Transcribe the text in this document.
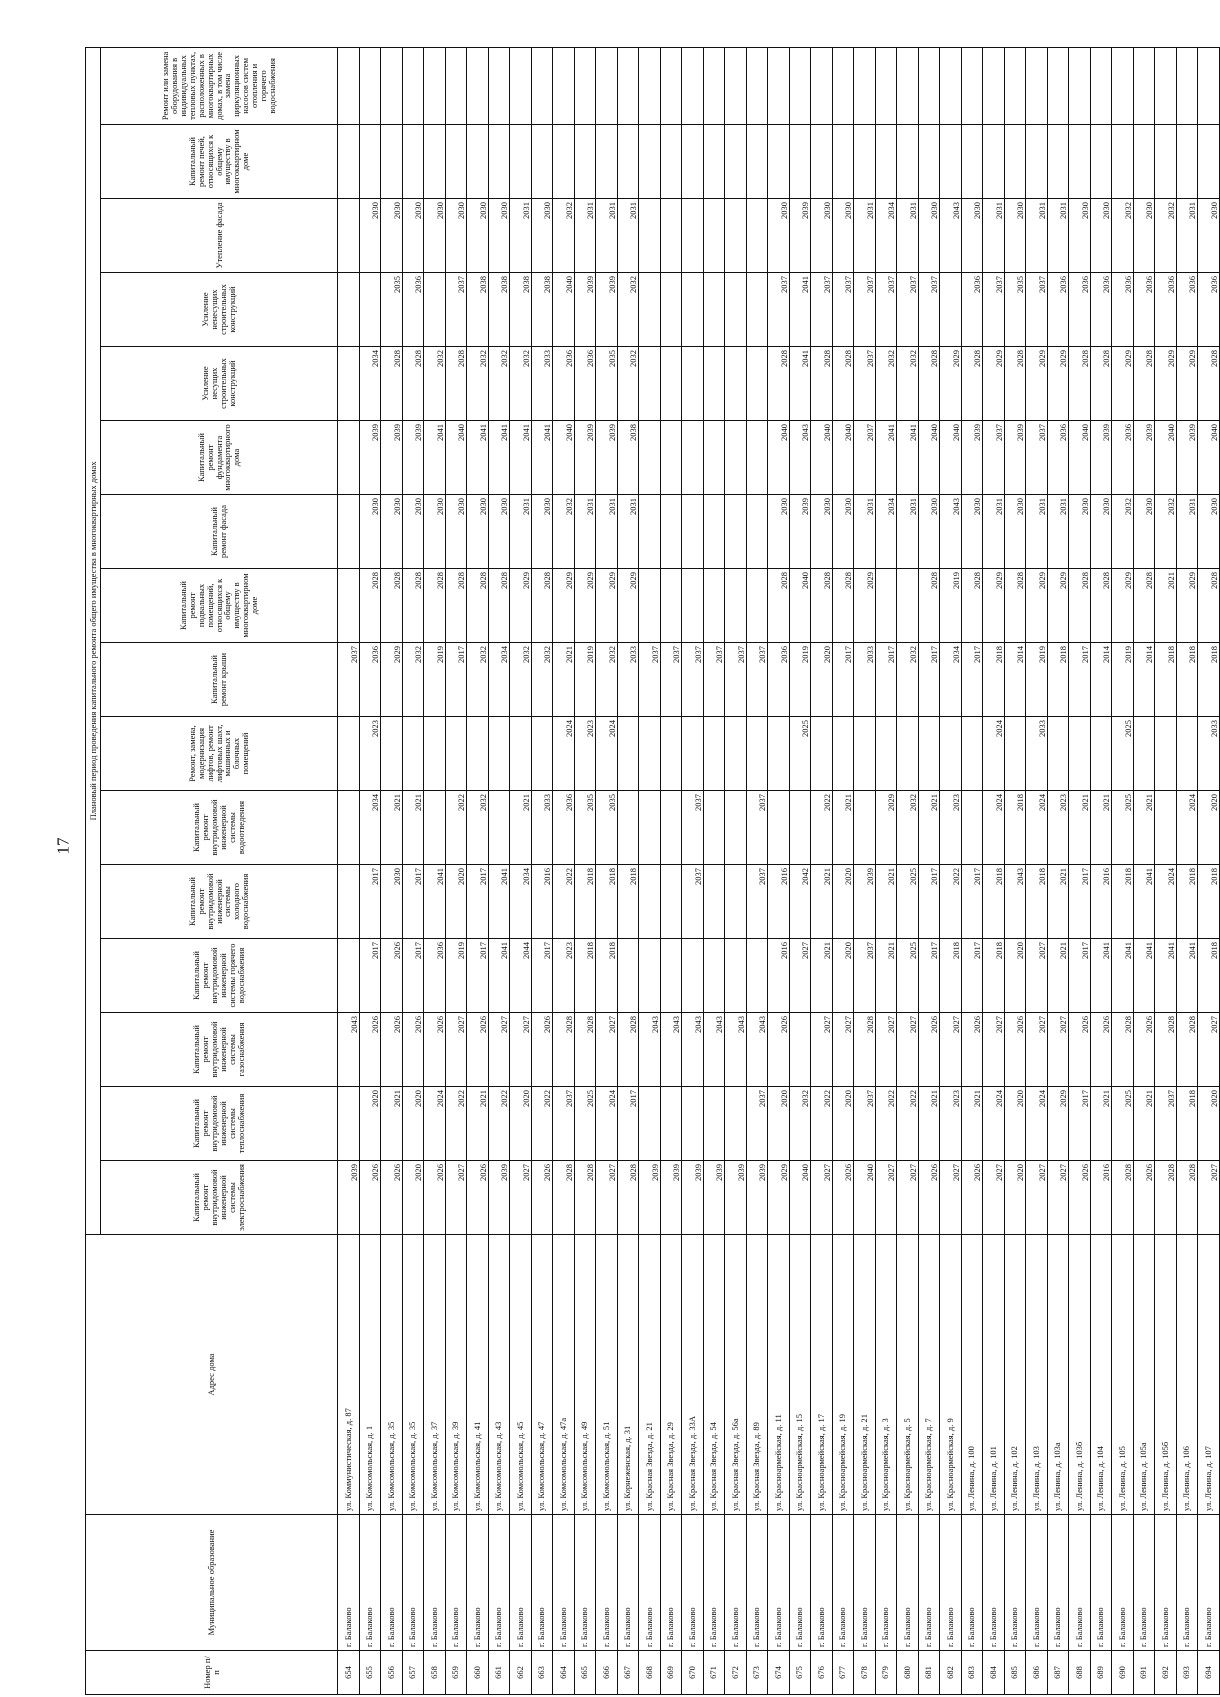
17
Номер п/п	Муниципальное образование	Адрес дома	Плановый период проведения капитального ремонта общего имущества в многоквартирных домах															
			Капитальный ремонт внутридомовой инженерной системы электроснабжения	Капитальный ремонт внутридомовой инженерной системы теплоснабжения	Капитальный ремонт внутридомовой инженерной системы газоснабжения	Капитальный ремонт внутридомовой инженерной системы горячего водоснабжения	Капитальный ремонт внутридомовой инженерной системы холодного водоснабжения	Капитальный ремонт внутридомовой инженерной системы водоотведения	Ремонт, замена, модернизация лифтов, ремонт лифтовых шахт, машинных и блочных помещений	Капитальный ремонт крыши	Капитальный ремонт подвальных помещений, относящихся к общему имуществу в многоквартирном доме	Капитальный ремонт фасада	Капитальный ремонт фундамента многоквартирного дома	Усиление несущих строительных конструкций	Усиление ненесущих строительных конструкций	Утепление фасада	Капитальный ремонт печей, относящихся к общему имуществу в многоквартирном доме	Ремонт или замена оборудования в индивидуальных тепловых пунктах, расположенных в многоквартирных домах, в том числе замена циркуляционных насосов систем отопления и горячего водоснабжения
654	г. Балаково	ул. Коммунистическая, д. 87	2039		2043					2037								
655	г. Балаково	ул. Комсомольская, д. 1	2026	2020	2026	2017	2017	2034	2023	2036	2028	2030	2039	2034		2030		
656	г. Балаково	ул. Комсомольская, д. 35	2026	2021	2026	2026	2030	2021		2029	2028	2030	2039	2028	2035	2030		
657	г. Балаково	ул. Комсомольская, д. 35	2020	2020	2026	2017	2017	2021		2032	2028	2030	2039	2028	2036	2030		
658	г. Балаково	ул. Комсомольская, д. 37	2026	2024	2026	2036	2041			2019	2028	2030	2041	2032		2030		
659	г. Балаково	ул. Комсомольская, д. 39	2027	2022	2027	2019	2020	2022		2017	2028	2030	2040	2028	2037	2030		
660	г. Балаково	ул. Комсомольская, д. 41	2026	2021	2026	2017	2017	2032		2032	2028	2030	2041	2032	2038	2030		
661	г. Балаково	ул. Комсомольская, д. 43	2039	2022	2027	2041	2041			2034	2028	2030	2041	2032	2038	2030		
662	г. Балаково	ул. Комсомольская, д. 45	2027	2020	2027	2044	2034	2021		2032	2029	2031	2041	2032	2038	2031		
663	г. Балаково	ул. Комсомольская, д. 47	2026	2022	2026	2017	2016	2033		2032	2028	2030	2041	2033	2038	2030		
664	г. Балаково	ул. Комсомольская, д. 47а	2028	2037	2028	2023	2022	2036	2024	2021	2029	2032	2040	2036	2040	2032		
665	г. Балаково	ул. Комсомольская, д. 49	2028	2025	2028	2018	2018	2035	2023	2019	2029	2031	2039	2036	2039	2031		
666	г. Балаково	ул. Комсомольская, д. 51	2027	2024	2027	2018	2018	2035	2024	2032	2029	2031	2039	2035	2039	2031		
667	г. Балаково	ул. Корнеженская, д. 31	2028	2017	2028		2018			2033	2029	2031	2038	2032	2032	2031		
668	г. Балаково	ул. Красная Звезда, д. 21	2039		2043					2037								
669	г. Балаково	ул. Красная Звезда, д. 29	2039		2043					2037								
670	г. Балаково	ул. Красная Звезда, д. 33А	2039		2043		2037	2037		2037								
671	г. Балаково	ул. Красная Звезда, д. 54	2039		2043					2037								
672	г. Балаково	ул. Красная Звезда, д. 56а	2039		2043					2037								
673	г. Балаково	ул. Красная Звезда, д. 89	2039	2037	2043		2037	2037		2037								
674	г. Балаково	ул. Красноармейская, д. 11	2029	2020	2026	2016	2016			2036	2028	2030	2040	2028	2037	2030		
675	г. Балаково	ул. Красноармейская, д. 15	2040	2032		2027	2042		2025	2019	2040	2039	2043	2041	2041	2039		
676	г. Балаково	ул. Красноармейская, д. 17	2027	2022	2027	2021	2021	2022		2020	2028	2030	2040	2028	2037	2030		
677	г. Балаково	ул. Красноармейская, д. 19	2026	2020	2027	2020	2020	2021		2017	2028	2030	2040	2028	2037	2030		
678	г. Балаково	ул. Красноармейская, д. 21	2040	2037	2028	2037	2039			2033	2029	2031	2037	2037	2037	2031		
679	г. Балаково	ул. Красноармейская, д. 3	2027	2022	2027	2021	2021	2029		2017		2034	2041	2032	2037	2034		
680	г. Балаково	ул. Красноармейская, д. 5	2027	2022	2027	2025	2025	2032		2032		2031	2041	2032	2037	2031		
681	г. Балаково	ул. Красноармейская, д. 7	2026	2021	2026	2017	2017	2021		2017	2028	2030	2040	2028	2037	2030		
682	г. Балаково	ул. Красноармейская, д. 9	2027	2023	2027	2018	2022	2023		2034	2019	2043	2040	2029		2043		
683	г. Балаково	ул. Ленина, д. 100	2026	2021	2026	2017	2017			2017	2028	2030	2039	2028	2036	2030		
684	г. Балаково	ул. Ленина, д. 101	2027	2024	2027	2018	2018	2024	2024	2018	2029	2031	2037	2029	2037	2031		
685	г. Балаково	ул. Ленина, д. 102	2020	2020	2026	2020	2043	2018		2014	2028	2030	2039	2028	2035	2030		
686	г. Балаково	ул. Ленина, д. 103	2027	2024	2027	2027	2018	2024	2033	2019	2029	2031	2037	2029	2037	2031		
687	г. Балаково	ул. Ленина, д. 103а	2027	2029	2027	2021	2021	2023		2018	2029	2031	2036	2029	2036	2031		
688	г. Балаково	ул. Ленина, д. 103б	2026	2017	2026	2017	2017	2021		2017	2028	2030	2040	2028	2036	2030		
689	г. Балаково	ул. Ленина, д. 104	2016	2021	2026	2041	2016	2021		2014	2028	2030	2039	2028	2036	2030		
690	г. Балаково	ул. Ленина, д. 105	2028	2025	2028	2041	2018	2025	2025	2019	2029	2032	2036	2029	2036	2032		
691	г. Балаково	ул. Ленина, д. 105а	2026	2021	2026	2041	2041	2021		2014	2028	2030	2039	2028	2036	2030		
692	г. Балаково	ул. Ленина, д. 105б	2028	2037	2028	2041	2024			2018	2021	2032	2040	2029	2036	2032		
693	г. Балаково	ул. Ленина, д. 106	2028	2018	2028	2041	2018	2024		2018	2029	2031	2039	2029	2036	2031		
694	г. Балаково	ул. Ленина, д. 107	2027	2020	2027	2018	2018	2020	2033	2018	2028	2030	2040	2028	2036	2030		
